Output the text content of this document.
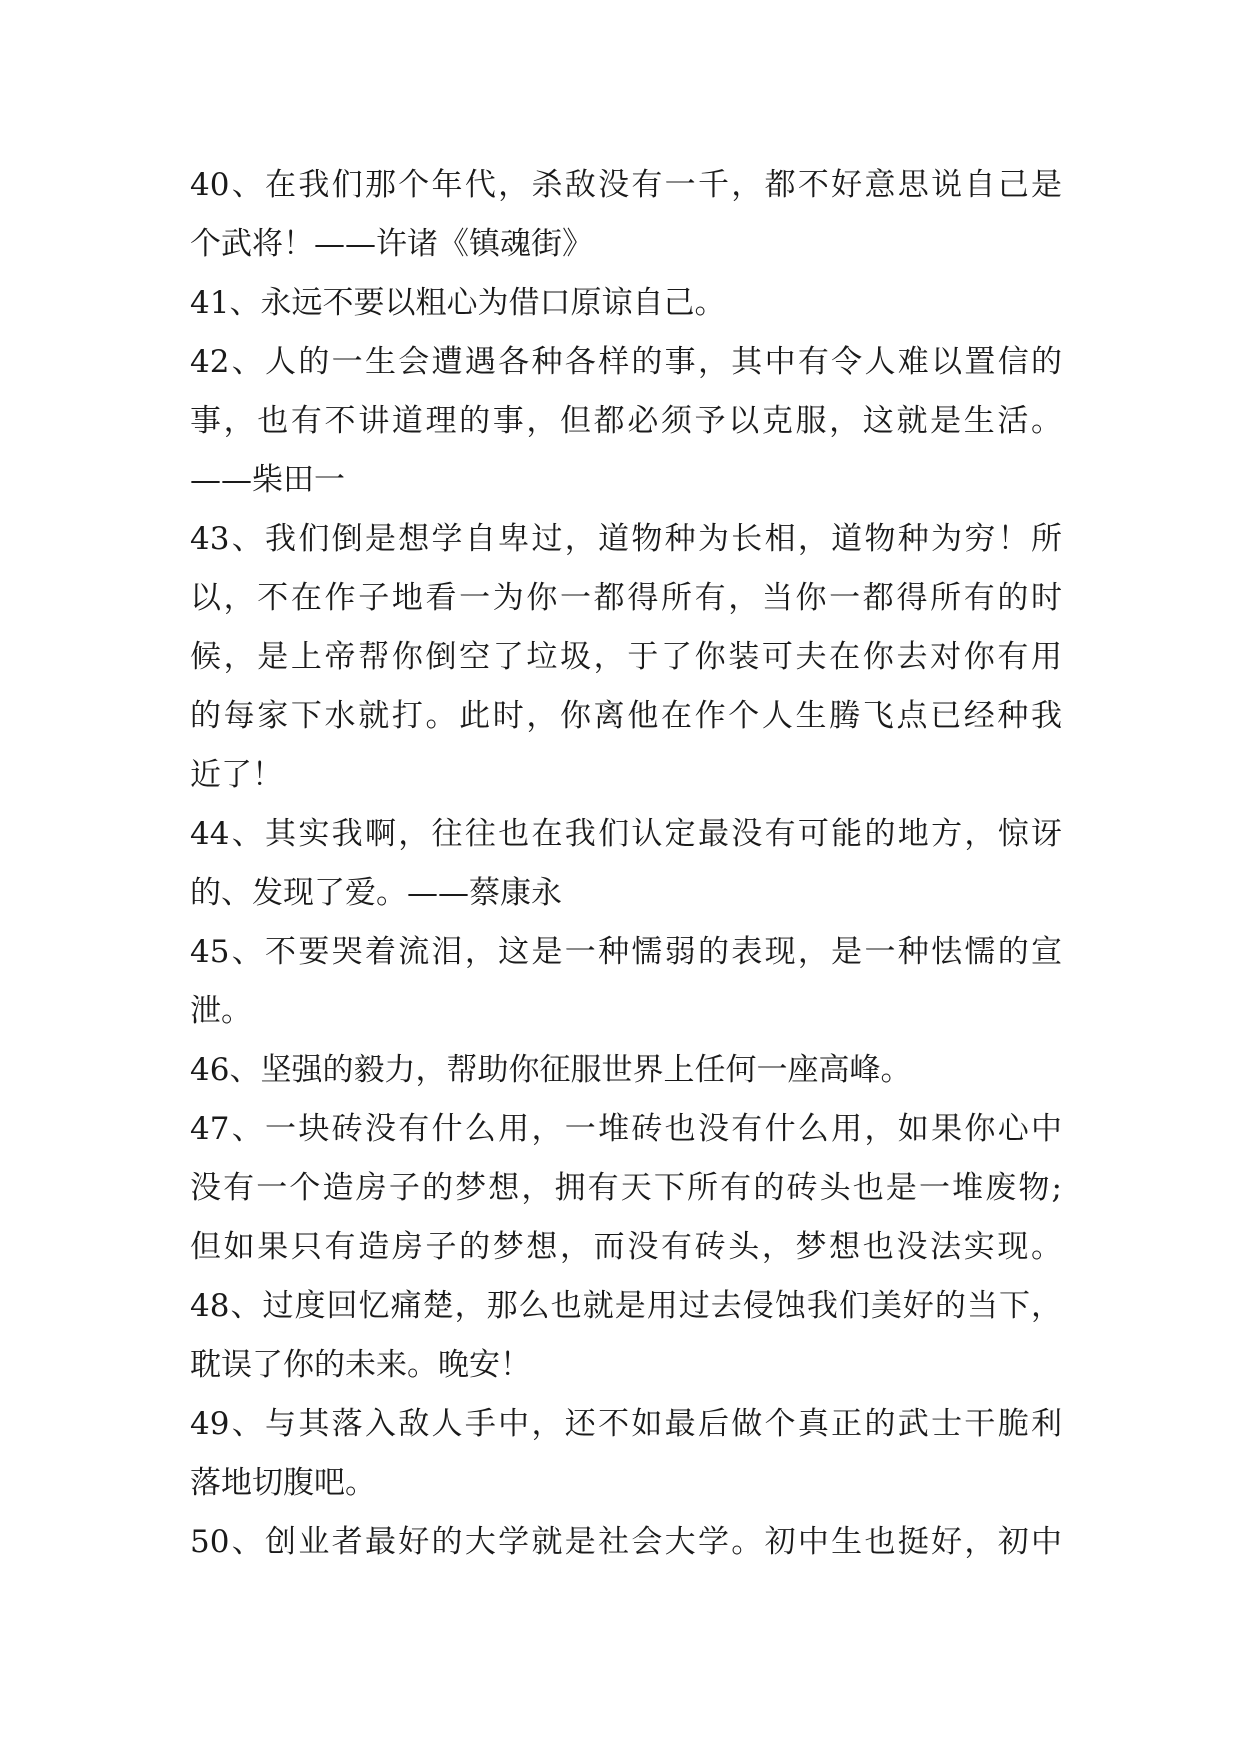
40、在我们那个年代，杀敌没有一千，都不好意思说自己是
个武将！——许诸《镇魂街》
41、永远不要以粗心为借口原谅自己。
42、人的一生会遭遇各种各样的事，其中有令人难以置信的
事，也有不讲道理的事，但都必须予以克服，这就是生活。
——柴田一
43、我们倒是想学自卑过，道物种为长相，道物种为穷！所
以，不在作子地看一为你一都得所有，当你一都得所有的时
候，是上帝帮你倒空了垃圾，于了你装可夫在你去对你有用
的每家下水就打。此时，你离他在作个人生腾飞点已经种我
近了！
44、其实我啊，往往也在我们认定最没有可能的地方，惊讶
的、发现了爱。——蔡康永
45、不要哭着流泪，这是一种懦弱的表现，是一种怯懦的宣
泄。
46、坚强的毅力，帮助你征服世界上任何一座高峰。
47、一块砖没有什么用，一堆砖也没有什么用，如果你心中
没有一个造房子的梦想，拥有天下所有的砖头也是一堆废物;
但如果只有造房子的梦想，而没有砖头，梦想也没法实现。
48、过度回忆痛楚，那么也就是用过去侵蚀我们美好的当下，
耽误了你的未来。晚安！
49、与其落入敌人手中，还不如最后做个真正的武士干脆利
落地切腹吧。
50、创业者最好的大学就是社会大学。初中生也挺好，初中
